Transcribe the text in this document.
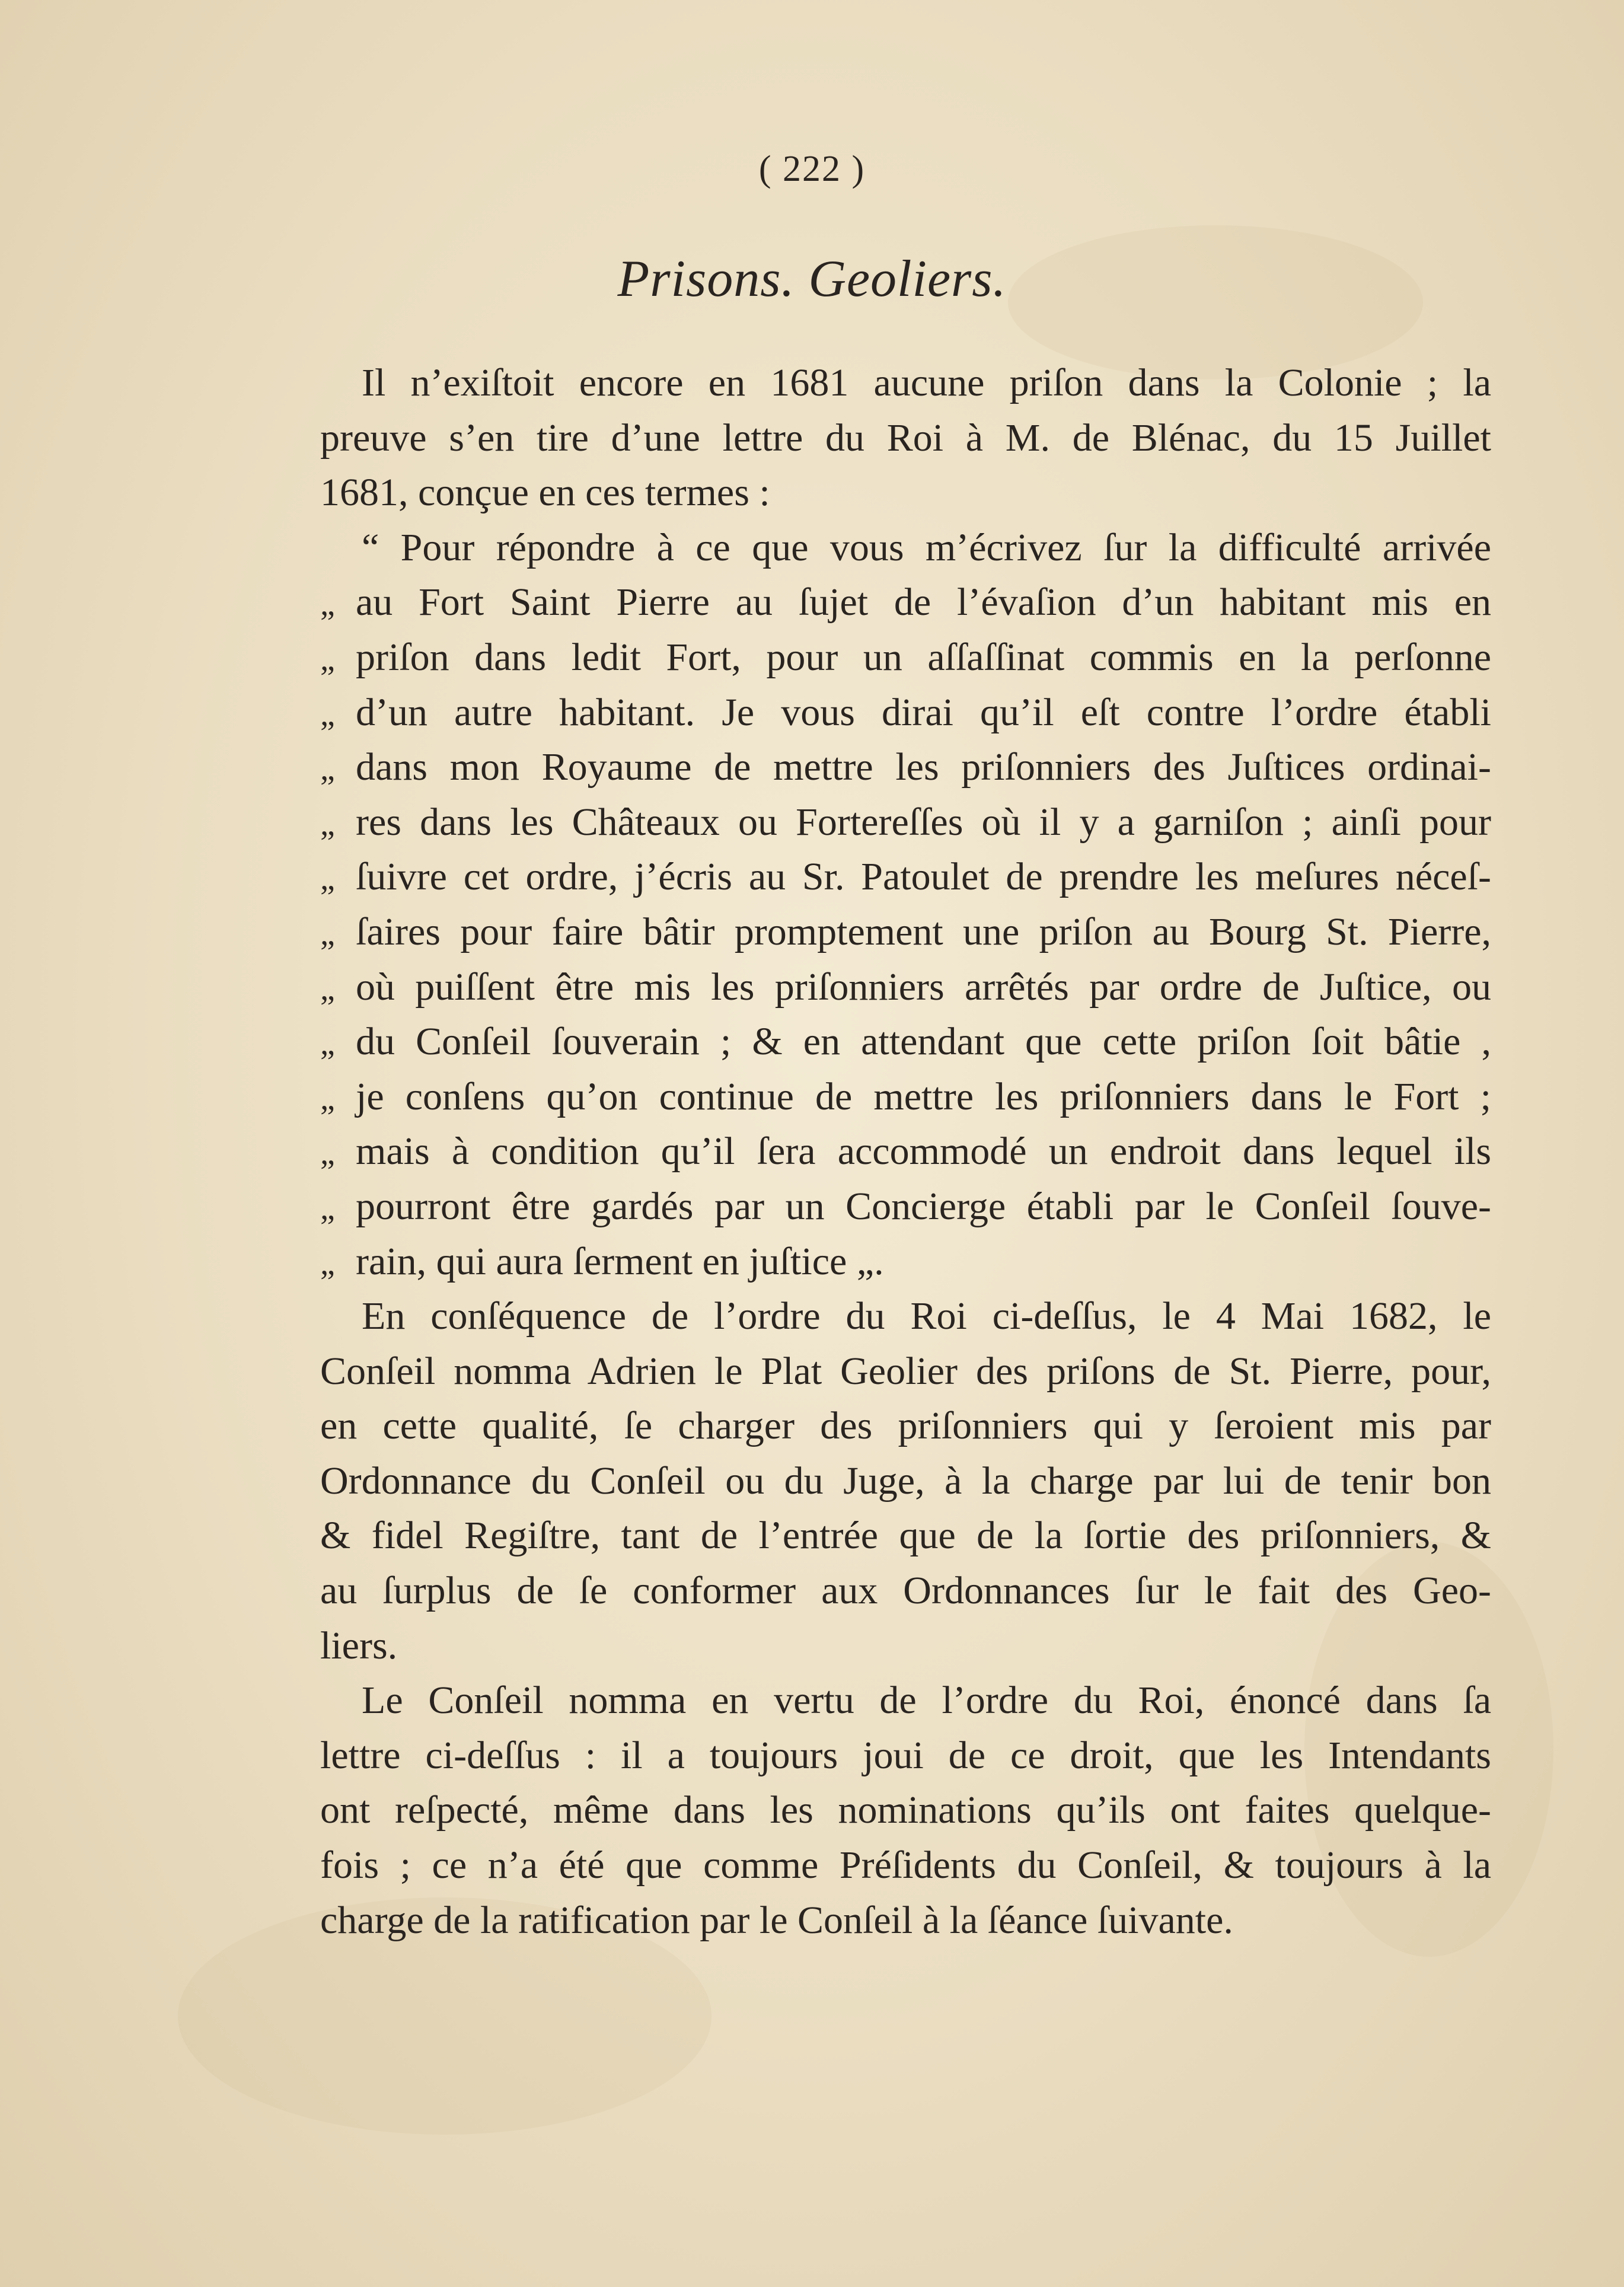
( 222 )
Prisons. Geoliers.
Il n’exiſtoit encore en 1681 aucune priſon dans la Colonie ; la
preuve s’en tire d’une lettre du Roi à M. de Blénac, du 15 Juillet
1681, conçue en ces termes :
“ Pour répondre à ce que vous m’écrivez ſur la difficulté arrivée
„ au Fort Saint Pierre au ſujet de l’évaſion d’un habitant mis en
„ priſon dans ledit Fort, pour un aſſaſſinat commis en la perſonne
„ d’un autre habitant. Je vous dirai qu’il eſt contre l’ordre établi
„ dans mon Royaume de mettre les priſonniers des Juſtices ordinai-
„ res dans les Châteaux ou Forterеſſes où il y a garniſon ; ainſi pour
„ ſuivre cet ordre, j’écris au Sr. Patoulet de prendre les meſures néceſ-
„ ſaires pour faire bâtir promptement une priſon au Bourg St. Pierre,
„ où puiſſent être mis les priſonniers arrêtés par ordre de Juſtice, ou
„ du Conſeil ſouverain ; & en attendant que cette priſon ſoit bâtie ,
„ je conſens qu’on continue de mettre les priſonniers dans le Fort ;
„ mais à condition qu’il ſera accommodé un endroit dans lequel ils
„ pourront être gardés par un Concierge établi par le Conſeil ſouve-
„ rain, qui aura ſerment en juſtice „.
En conſéquence de l’ordre du Roi ci-deſſus, le 4 Mai 1682, le
Conſeil nomma Adrien le Plat Geolier des priſons de St. Pierre, pour,
en cette qualité, ſe charger des priſonniers qui y ſeroient mis par
Ordonnance du Conſeil ou du Juge, à la charge par lui de tenir bon
& fidel Regiſtre, tant de l’entrée que de la ſortie des priſonniers, &
au ſurplus de ſe conformer aux Ordonnances ſur le fait des Geo-
liers.
Le Conſeil nomma en vertu de l’ordre du Roi, énoncé dans ſa
lettre ci-deſſus : il a toujours joui de ce droit, que les Intendants
ont reſpecté, même dans les nominations qu’ils ont faites quelque-
fois ; ce n’a été que comme Préſidents du Conſeil, & toujours à la
charge de la ratification par le Conſeil à la ſéance ſuivante.
